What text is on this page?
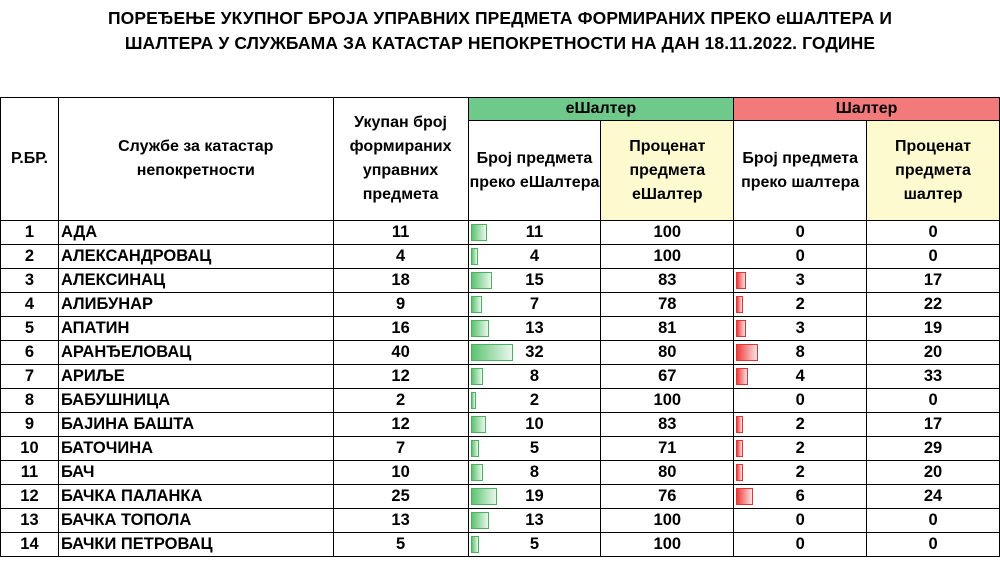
ПОРЕЂЕЊЕ УКУПНОГ БРОЈА УПРАВНИХ ПРЕДМЕТА ФОРМИРАНИХ ПРЕКО еШАЛТЕРА И
ШАЛТЕРА У СЛУЖБАМА ЗА КАТАСТАР НЕПОКРЕТНОСТИ НА ДАН 18.11.2022. ГОДИНЕ
Р.БР.	Службе за катастар непокретности	Укупан број формираних управних предмета	еШалтер		Шалтер	
			Број предмета преко еШалтера	Проценат предмета еШалтер	Број предмета преко шалтера	Проценат предмета шалтер
1	АДА	11	11	100	0	0
2	АЛЕКСАНДРОВАЦ	4	4	100	0	0
3	АЛЕКСИНАЦ	18	15	83	3	17
4	АЛИБУНАР	9	7	78	2	22
5	АПАТИН	16	13	81	3	19
6	АРАНЂЕЛОВАЦ	40	32	80	8	20
7	АРИЉЕ	12	8	67	4	33
8	БАБУШНИЦА	2	2	100	0	0
9	БАЈИНА БАШТА	12	10	83	2	17
10	БАТОЧИНА	7	5	71	2	29
11	БАЧ	10	8	80	2	20
12	БАЧКА ПАЛАНКА	25	19	76	6	24
13	БАЧКА ТОПОЛА	13	13	100	0	0
14	БАЧКИ ПЕТРОВАЦ	5	5	100	0	0
